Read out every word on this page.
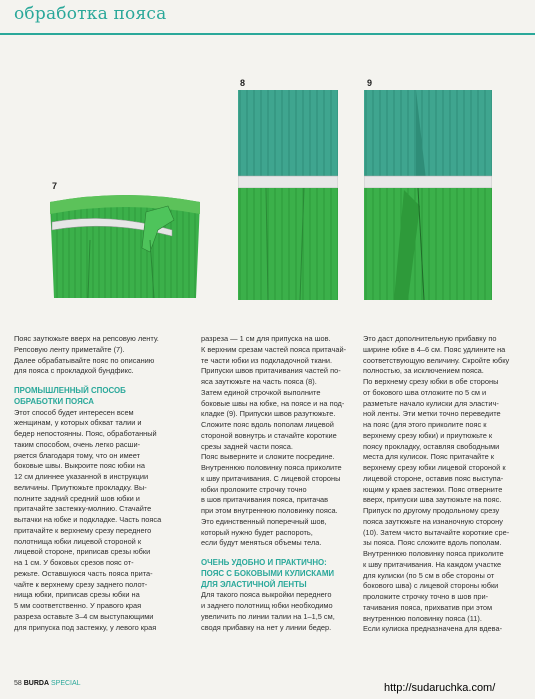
обработка пояса
7
8	9

Пояс заутюжьте вверх на репсовую ленту.

Репсовую ленту приметайте (7).

Далее обрабатывайте пояс по описанию

для пояса с прокладкой бундфикс.

ПРОМЫШЛЕННЫЙ СПОСОБ

ОБРАБОТКИ ПОЯСА

Этот способ будет интересен всем

женщинам, у которых обхват талии и

бедер непостоянны. Пояс, обработанный

таким способом, очень легко расши-

ряется благодаря тому, что он имеет

боковые швы. Выкроите пояс юбки на

12 см длиннее указанной в инструкции

величины. Приутюжьте прокладку. Вы-

полните задний средний шов юбки и

притачайте застежку-молнию. Стачайте

вытачки на юбке и подкладке. Часть пояса

притачайте к верхнему срезу переднего

полотнища юбки лицевой стороной к

лицевой стороне, приписав срезы юбки

на 1 см. У боковых срезов пояс от-

режьте. Оставшуюся часть пояса прита-

чайте к верхнему срезу заднего полот-

нища юбки, приписав срезы юбки на

5 мм соответственно. У правого края

разреза оставьте 3–4 см выступающими

для припуска под застежку, у левого края

разреза — 1 см для припуска на шов.

К верхним срезам частей пояса притачай-

те части юбки из подкладочной ткани.

Припуски швов притачивания частей по-

яса заутюжьте на часть пояса (8).

Затем единой строчкой выполните

боковые швы на юбке, на поясе и на под-

кладке (9). Припуски швов разутюжьте.

Сложите пояс вдоль пополам лицевой

стороной вовнутрь и стачайте короткие

срезы задней части пояса.

Пояс выверните и сложите посредине.

Внутреннюю половинку пояса приколите

к шву притачивания. С лицевой стороны

юбки проложите строчку точно

в шов притачивания пояса, притачав

при этом внутреннюю половинку пояса.

Это единственный поперечный шов,

который нужно будет распороть,

если будут меняться объемы тела.

ОЧЕНЬ УДОБНО И ПРАКТИЧНО:

ПОЯС С БОКОВЫМИ КУЛИСКАМИ

ДЛЯ ЭЛАСТИЧНОЙ ЛЕНТЫ

Для такого пояса выкройки переднего

и заднего полотнищ юбки необходимо

увеличить по линии талии на 1–1,5 см,

сводя прибавку на нет у линии бедер.

Это даст дополнительную прибавку по

ширине юбке в 4–6 см. Пояс удлините на

соответствующую величину. Скройте юбку

полностью, за исключением пояса.

По верхнему срезу юбки в обе стороны

от бокового шва отложите по 5 см и

разметьте начало кулиски для эластич-

ной ленты. Эти метки точно переведите

на пояс (для этого приколите пояс к

верхнему срезу юбки) и приутюжьте к

поясу прокладку, оставляя свободными

места для кулисок. Пояс притачайте к

верхнему срезу юбки лицевой стороной к

лицевой стороне, оставив пояс выступа-

ющим у краев застежки. Пояс отверните

вверх, припуски шва заутюжьте на пояс.

Припуск по другому продольному срезу

пояса заутюжьте на изнаночную сторону

(10). Затем чисто вытачайте короткие сре-

зы пояса. Пояс сложите вдоль пополам.

Внутреннюю половинку пояса приколите

к шву притачивания. На каждом участке

для кулиски (по 5 см в обе стороны от

бокового шва) с лицевой стороны юбки

проложите строчку точно в шов при-

тачивания пояса, прихватив при этом

внутреннюю половинку пояса (11).

Если кулиска предназначена для вдева-

58 BURDA SPECIAL	http://sudaruchka.com/
